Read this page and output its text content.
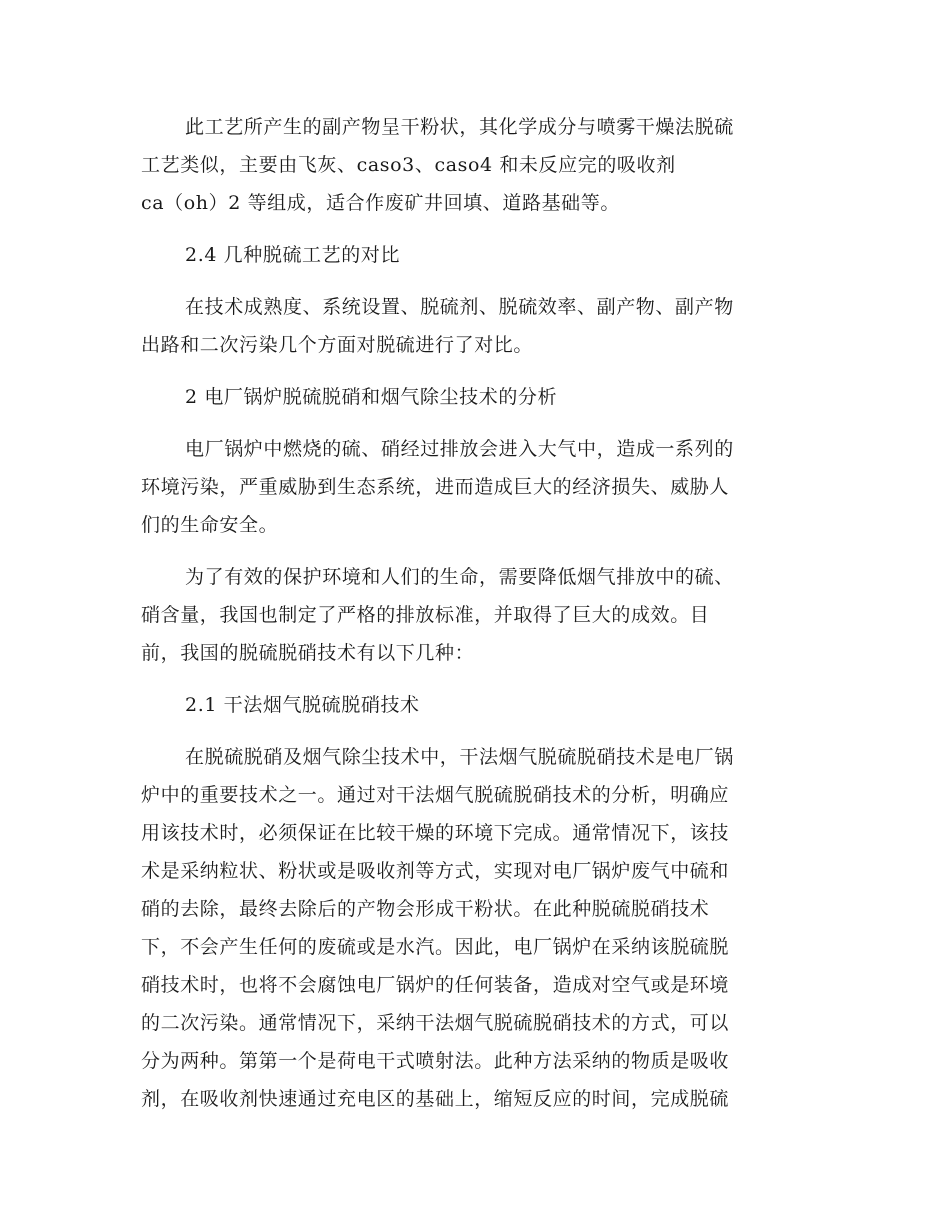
此工艺所产生的副产物呈干粉状，其化学成分与喷雾干燥法脱硫
工艺类似，主要由飞灰、caso3、caso4 和未反应完的吸收剂
ca（oh）2 等组成，适合作废矿井回填、道路基础等。

2.4 几种脱硫工艺的对比

在技术成熟度、系统设置、脱硫剂、脱硫效率、副产物、副产物
出路和二次污染几个方面对脱硫进行了对比。

2 电厂锅炉脱硫脱硝和烟气除尘技术的分析

电厂锅炉中燃烧的硫、硝经过排放会进入大气中，造成一系列的
环境污染，严重威胁到生态系统，进而造成巨大的经济损失、威胁人
们的生命安全。

为了有效的保护环境和人们的生命，需要降低烟气排放中的硫、
硝含量，我国也制定了严格的排放标准，并取得了巨大的成效。目
前，我国的脱硫脱硝技术有以下几种：

2.1 干法烟气脱硫脱硝技术

在脱硫脱硝及烟气除尘技术中，干法烟气脱硫脱硝技术是电厂锅
炉中的重要技术之一。通过对干法烟气脱硫脱硝技术的分析，明确应
用该技术时，必须保证在比较干燥的环境下完成。通常情况下，该技
术是采纳粒状、粉状或是吸收剂等方式，实现对电厂锅炉废气中硫和
硝的去除，最终去除后的产物会形成干粉状。在此种脱硫脱硝技术
下，不会产生任何的废硫或是水汽。因此，电厂锅炉在采纳该脱硫脱
硝技术时，也将不会腐蚀电厂锅炉的任何装备，造成对空气或是环境
的二次污染。通常情况下，采纳干法烟气脱硫脱硝技术的方式，可以
分为两种。第第一个是荷电干式喷射法。此种方法采纳的物质是吸收
剂，在吸收剂快速通过充电区的基础上，缩短反应的时间，完成脱硫
